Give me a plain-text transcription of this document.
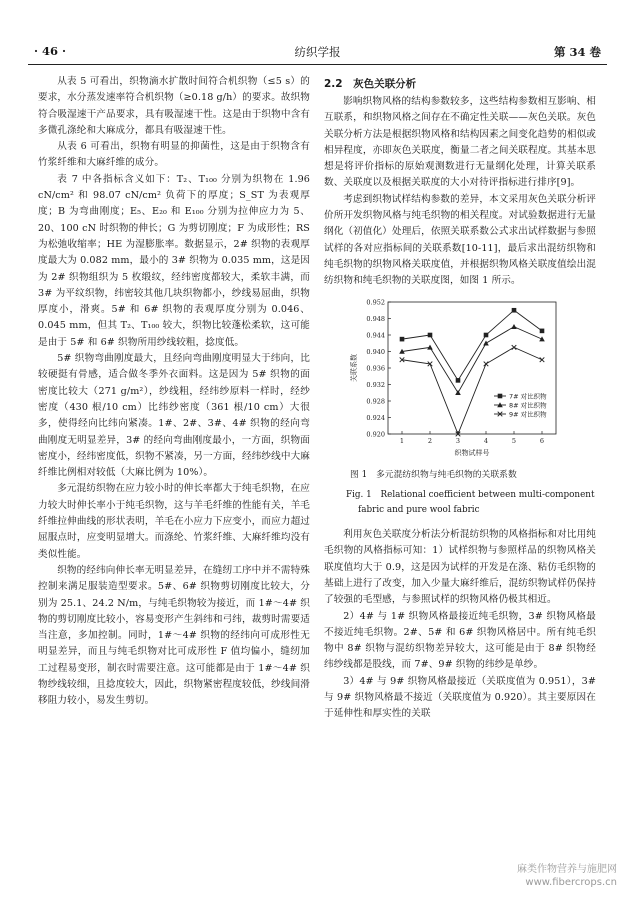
· 46 ·	纺织学报	第 34 卷

从表 5 可看出，织物滴水扩散时间符合机织物（≤5 s）的要求，水分蒸发速率符合机织物（≥0.18 g/h）的要求。故织物符合吸湿速干产品要求，具有吸湿速干性。这是由于织物中含有多微孔涤纶和大麻成分，都具有吸湿速干性。

从表 6 可看出，织物有明显的抑菌性，这是由于织物含有竹浆纤维和大麻纤维的成分。

表 7 中各指标含义如下：T₂、T₁₀₀ 分别为织物在 1.96 cN/cm² 和 98.07 cN/cm² 负荷下的厚度；S_ST 为表观厚度；B 为弯曲刚度；E₅、E₂₀ 和 E₁₀₀ 分别为拉伸应力为 5、20、100 cN 时织物的伸长；G 为剪切刚度；F 为成形性；RS 为松弛收缩率；HE 为湿膨胀率。数据显示，2# 织物的表观厚度最大为 0.082 mm，最小的 3# 织物为 0.035 mm，这是因为 2# 织物组织为 5 枚缎纹，经纬密度都较大，柔软丰满，而 3# 为平纹织物，纬密较其他几块织物都小，纱线易屈曲，织物厚度小，滑爽。5# 和 6# 织物的表观厚度分别为 0.046、0.045 mm，但其 T₂、T₁₀₀ 较大，织物比较蓬松柔软，这可能是由于 5# 和 6# 织物所用纱线较粗，捻度低。

5# 织物弯曲刚度最大，且经向弯曲刚度明显大于纬向，比较硬挺有骨感，适合做冬季外衣面料。这是因为 5# 织物的面密度比较大（271 g/m²），纱线粗，经纬纱原料一样时，经纱密度（430 根/10 cm）比纬纱密度（361 根/10 cm）大很多，使得经向比纬向紧凑。1#、2#、3#、4# 织物的经向弯曲刚度无明显差异，3# 的经向弯曲刚度最小，一方面，织物面密度小，经纬密度低，织物不紧凑，另一方面，经纬纱线中大麻纤维比例相对较低（大麻比例为 10%）。

多元混纺织物在应力较小时的伸长率都大于纯毛织物，在应力较大时伸长率小于纯毛织物，这与羊毛纤维的性能有关，羊毛纤维拉伸曲线的形状表明，羊毛在小应力下应变小，而应力超过屈服点时，应变明显增大。而涤纶、竹浆纤维、大麻纤维均没有类似性能。

织物的经纬向伸长率无明显差异，在缝纫工序中并不需特殊控制来满足服装造型要求。5#、6# 织物剪切刚度比较大，分别为 25.1、24.2 N/m，与纯毛织物较为接近，而 1#～4# 织物的剪切刚度比较小，容易变形产生斜纬和弓纬，裁剪时需要适当注意，多加控制。同时，1#～4# 织物的经纬向可成形性无明显差异，而且与纯毛织物对比可成形性 F 值均偏小，缝纫加工过程易变形，制衣时需要注意。这可能都是由于 1#～4# 织物纱线较细，且捻度较大，因此，织物紧密程度较低，纱线间滑移阻力较小，易发生剪切。

2.2  灰色关联分析

影响织物风格的结构参数较多，这些结构参数相互影响、相互联系，和织物风格之间存在不确定性关联——灰色关联。灰色关联分析方法是根据织物风格和结构因素之间变化趋势的相似或相异程度，亦即灰色关联度，衡量二者之间关联程度。其基本思想是将评价指标的原始观测数进行无量纲化处理，计算关联系数、关联度以及根据关联度的大小对待评指标进行排序[9]。

考虑到织物试样结构参数的差异，本文采用灰色关联分析评价所开发织物风格与纯毛织物的相关程度。对试验数据进行无量纲化（初值化）处理后，依照关联系数公式求出试样数据与参照试样的各对应指标间的关联系数[10-11]，最后求出混纺织物和纯毛织物的织物风格关联度值，并根据织物风格关联度值绘出混纺织物和纯毛织物的关联度图，如图 1 所示。

0.952
0.948
0.944
0.940
0.936
0.932
0.928
0.924
0.920
1	2	3	4	5	6
织物试样号
关联系数
7# 对比织物
8# 对比织物
9# 对比织物

图 1　多元混纺织物与纯毛织物的关联系数

Fig. 1　Relational coefficient between multi-component

fabric and pure wool fabric

利用灰色关联度分析法分析混纺织物的风格指标和对比用纯毛织物的风格指标可知：1）试样织物与参照样品的织物风格关联度值均大于 0.9，这是因为试样的开发是在涤、粘仿毛织物的基础上进行了改变，加入少量大麻纤维后，混纺织物试样仍保持了较强的毛型感，与参照试样的织物风格仍极其相近。

2）4# 与 1# 织物风格最接近纯毛织物，3# 织物风格最不接近纯毛织物。2#、5# 和 6# 织物风格居中。所有纯毛织物中 8# 织物与混纺织物差异较大，这可能是由于 8# 织物经纬纱线都是股线，而 7#、9# 织物的纬纱是单纱。

3）4# 与 9# 织物风格最接近（关联度值为 0.951），3# 与 9# 织物风格最不接近（关联度值为 0.920）。其主要原因在于延伸性和厚实性的关联

麻类作物营养与施肥网
www.fibercrops.cn
